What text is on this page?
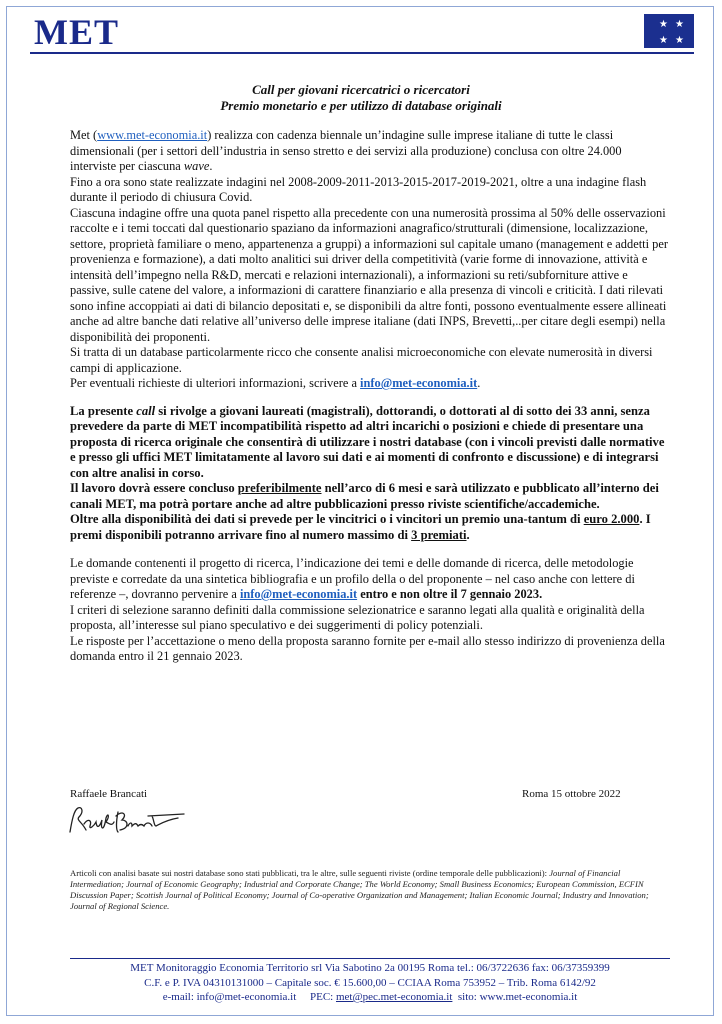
MET	★ ★
★ ★
Call per giovani ricercatrici o ricercatori
Premio monetario e per utilizzo di database originali

Met (www.met-economia.it) realizza con cadenza biennale un’indagine sulle imprese italiane di tutte le classi dimensionali (per i settori dell’industria in senso stretto e dei servizi alla produzione) conclusa con oltre 24.000 interviste per ciascuna wave.

Fino a ora sono state realizzate indagini nel 2008-2009-2011-2013-2015-2017-2019-2021, oltre a una indagine flash durante il periodo di chiusura Covid.

Ciascuna indagine offre una quota panel rispetto alla precedente con una numerosità prossima al 50% delle osservazioni raccolte e i temi toccati dal questionario spaziano da informazioni anagrafico/strutturali (dimensione, localizzazione, settore, proprietà familiare o meno, appartenenza a gruppi) a informazioni sul capitale umano (management e addetti per provenienza e formazione), a dati molto analitici sui driver della competitività (varie forme di innovazione, attività e intensità dell’impegno nella R&D, mercati e relazioni internazionali), a informazioni su reti/subforniture attive e passive, sulle catene del valore, a informazioni di carattere finanziario e alla presenza di vincoli e criticità. I dati rilevati sono infine accoppiati ai dati di bilancio depositati e, se disponibili da altre fonti, possono eventualmente essere allineati anche ad altre banche dati relative all’universo delle imprese italiane (dati INPS, Brevetti,..per citare degli esempi) nella disponibilità dei proponenti.

Si tratta di un database particolarmente ricco che consente analisi microeconomiche con elevate numerosità in diversi campi di applicazione.

Per eventuali richieste di ulteriori informazioni, scrivere a info@met-economia.it.

La presente call si rivolge a giovani laureati (magistrali), dottorandi, o dottorati al di sotto dei 33 anni, senza prevedere da parte di MET incompatibilità rispetto ad altri incarichi o posizioni e chiede di presentare una proposta di ricerca originale che consentirà di utilizzare i nostri database (con i vincoli previsti dalle normative e presso gli uffici MET limitatamente al lavoro sui dati e ai momenti di confronto e discussione) e di integrarsi con altre analisi in corso.

Il lavoro dovrà essere concluso preferibilmente nell’arco di 6 mesi e sarà utilizzato e pubblicato all’interno dei canali MET, ma potrà portare anche ad altre pubblicazioni presso riviste scientifiche/accademiche.

Oltre alla disponibilità dei dati si prevede per le vincitrici o i vincitori un premio una-tantum di euro 2.000. I premi disponibili potranno arrivare fino al numero massimo di 3 premiati.

Le domande contenenti il progetto di ricerca, l’indicazione dei temi e delle domande di ricerca, delle metodologie previste e corredate da una sintetica bibliografia e un profilo della o del proponente – nel caso anche con lettere di referenze –, dovranno pervenire a info@met-economia.it entro e non oltre il 7 gennaio 2023.

I criteri di selezione saranno definiti dalla commissione selezionatrice e saranno legati alla qualità e originalità della proposta, all’interesse sul piano speculativo e dei suggerimenti di policy potenziali.

Le risposte per l’accettazione o meno della proposta saranno fornite per e-mail allo stesso indirizzo di provenienza della domanda entro il 21 gennaio 2023.

Raffaele Brancati	Roma 15 ottobre 2022
Articoli con analisi basate sui nostri database sono stati pubblicati, tra le altre, sulle seguenti riviste (ordine temporale delle pubblicazioni): Journal of Financial Intermediation; Journal of Economic Geography; Industrial and Corporate Change; The World Economy; Small Business Economics; European Commission, ECFIN Discussion Paper; Scottish Journal of Political Economy; Journal of Co-operative Organization and Management; Italian Economic Journal; Industry and Innovation; Journal of Regional Science.
MET Monitoraggio Economia Territorio srl Via Sabotino 2a 00195 Roma tel.: 06/3722636 fax: 06/37359399
C.F. e P. IVA 04310131000 – Capitale soc. € 15.600,00 – CCIAA Roma 753952 – Trib. Roma 6142/92
e-mail: info@met-economia.it     PEC: met@pec.met-economia.it  sito: www.met-economia.it
